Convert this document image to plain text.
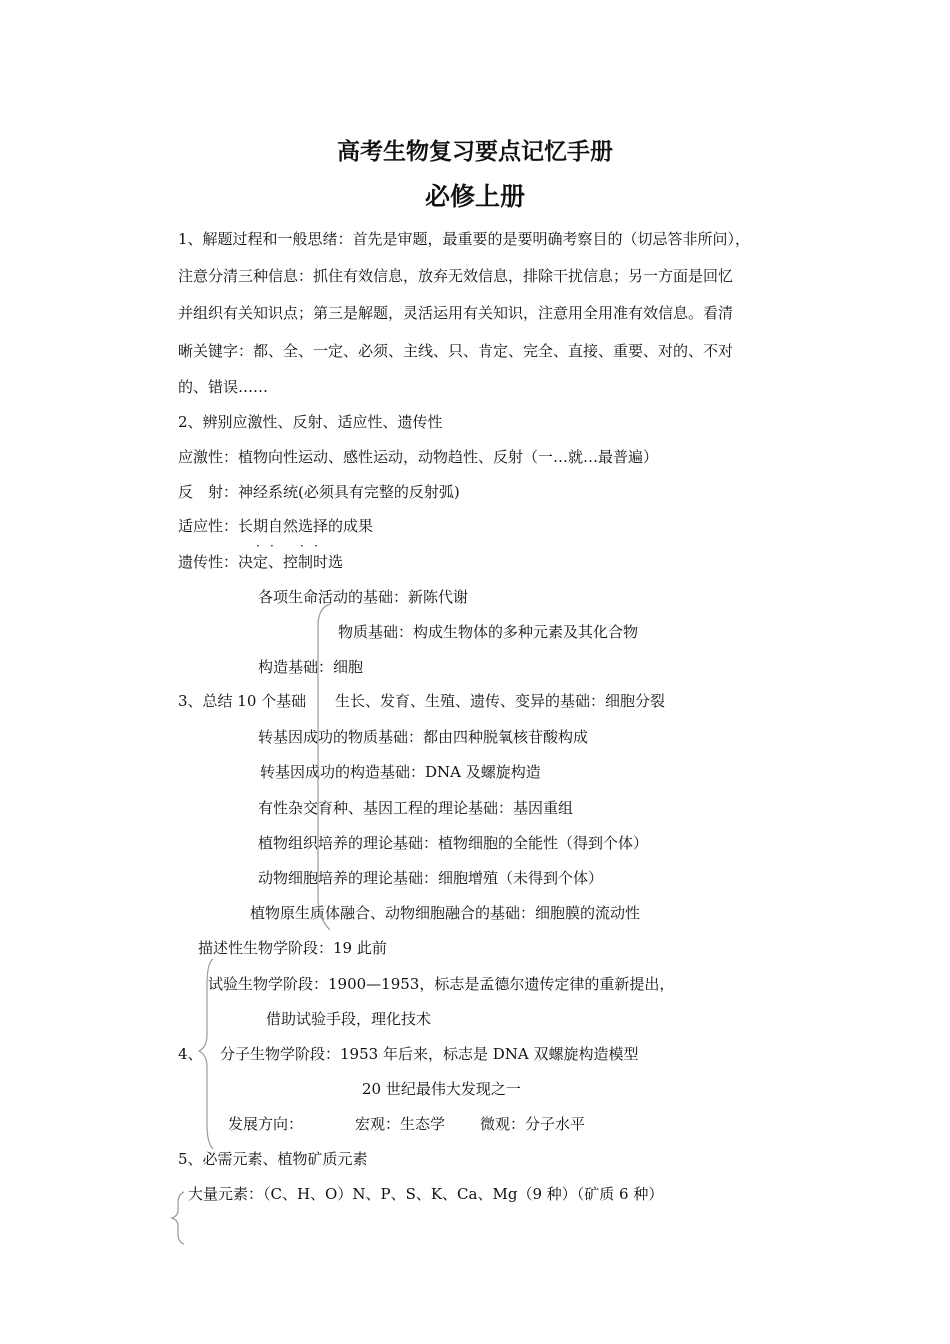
高考生物复习要点记忆手册
必修上册
1、解题过程和一般思绪：首先是审题，最重要的是要明确考察目的（切忌答非所问），
注意分清三种信息：抓住有效信息，放弃无效信息，排除干扰信息；另一方面是回忆
并组织有关知识点；第三是解题，灵活运用有关知识，注意用全用准有效信息。看清
晰关键字：都、全、一定、必须、主线、只、肯定、完全、直接、重要、对的、不对
的、错误……
2、辨别应激性、反射、适应性、遗传性
应激性：植物向性运动、感性运动，动物趋性、反射（一…就…最普遍）
反　射：神经系统(必须具有完整的反射弧)
适应性：长期自然选择的成果
· · · ·
遗传性：决定、控制时选
各项生命活动的基础：新陈代谢
物质基础：构成生物体的多种元素及其化合物
构造基础：细胞
3、总结 10 个基础 生长、发育、生殖、遗传、变异的基础：细胞分裂
转基因成功的物质基础：都由四种脱氧核苷酸构成
转基因成功的构造基础：DNA 及螺旋构造
有性杂交育种、基因工程的理论基础：基因重组
植物组织培养的理论基础：植物细胞的全能性（得到个体）
动物细胞培养的理论基础：细胞增殖（未得到个体）
植物原生质体融合、动物细胞融合的基础：细胞膜的流动性
描述性生物学阶段：19 此前
试验生物学阶段：1900—1953，标志是孟德尔遗传定律的重新提出，
借助试验手段，理化技术
4、 分子生物学阶段：1953 年后来，标志是 DNA 双螺旋构造模型
20 世纪最伟大发现之一
发展方向：	宏观：生态学 微观：分子水平
5、必需元素、植物矿质元素
大量元素：（C、H、O）N、P、S、K、Ca、Mg（9 种）（矿质 6 种）
